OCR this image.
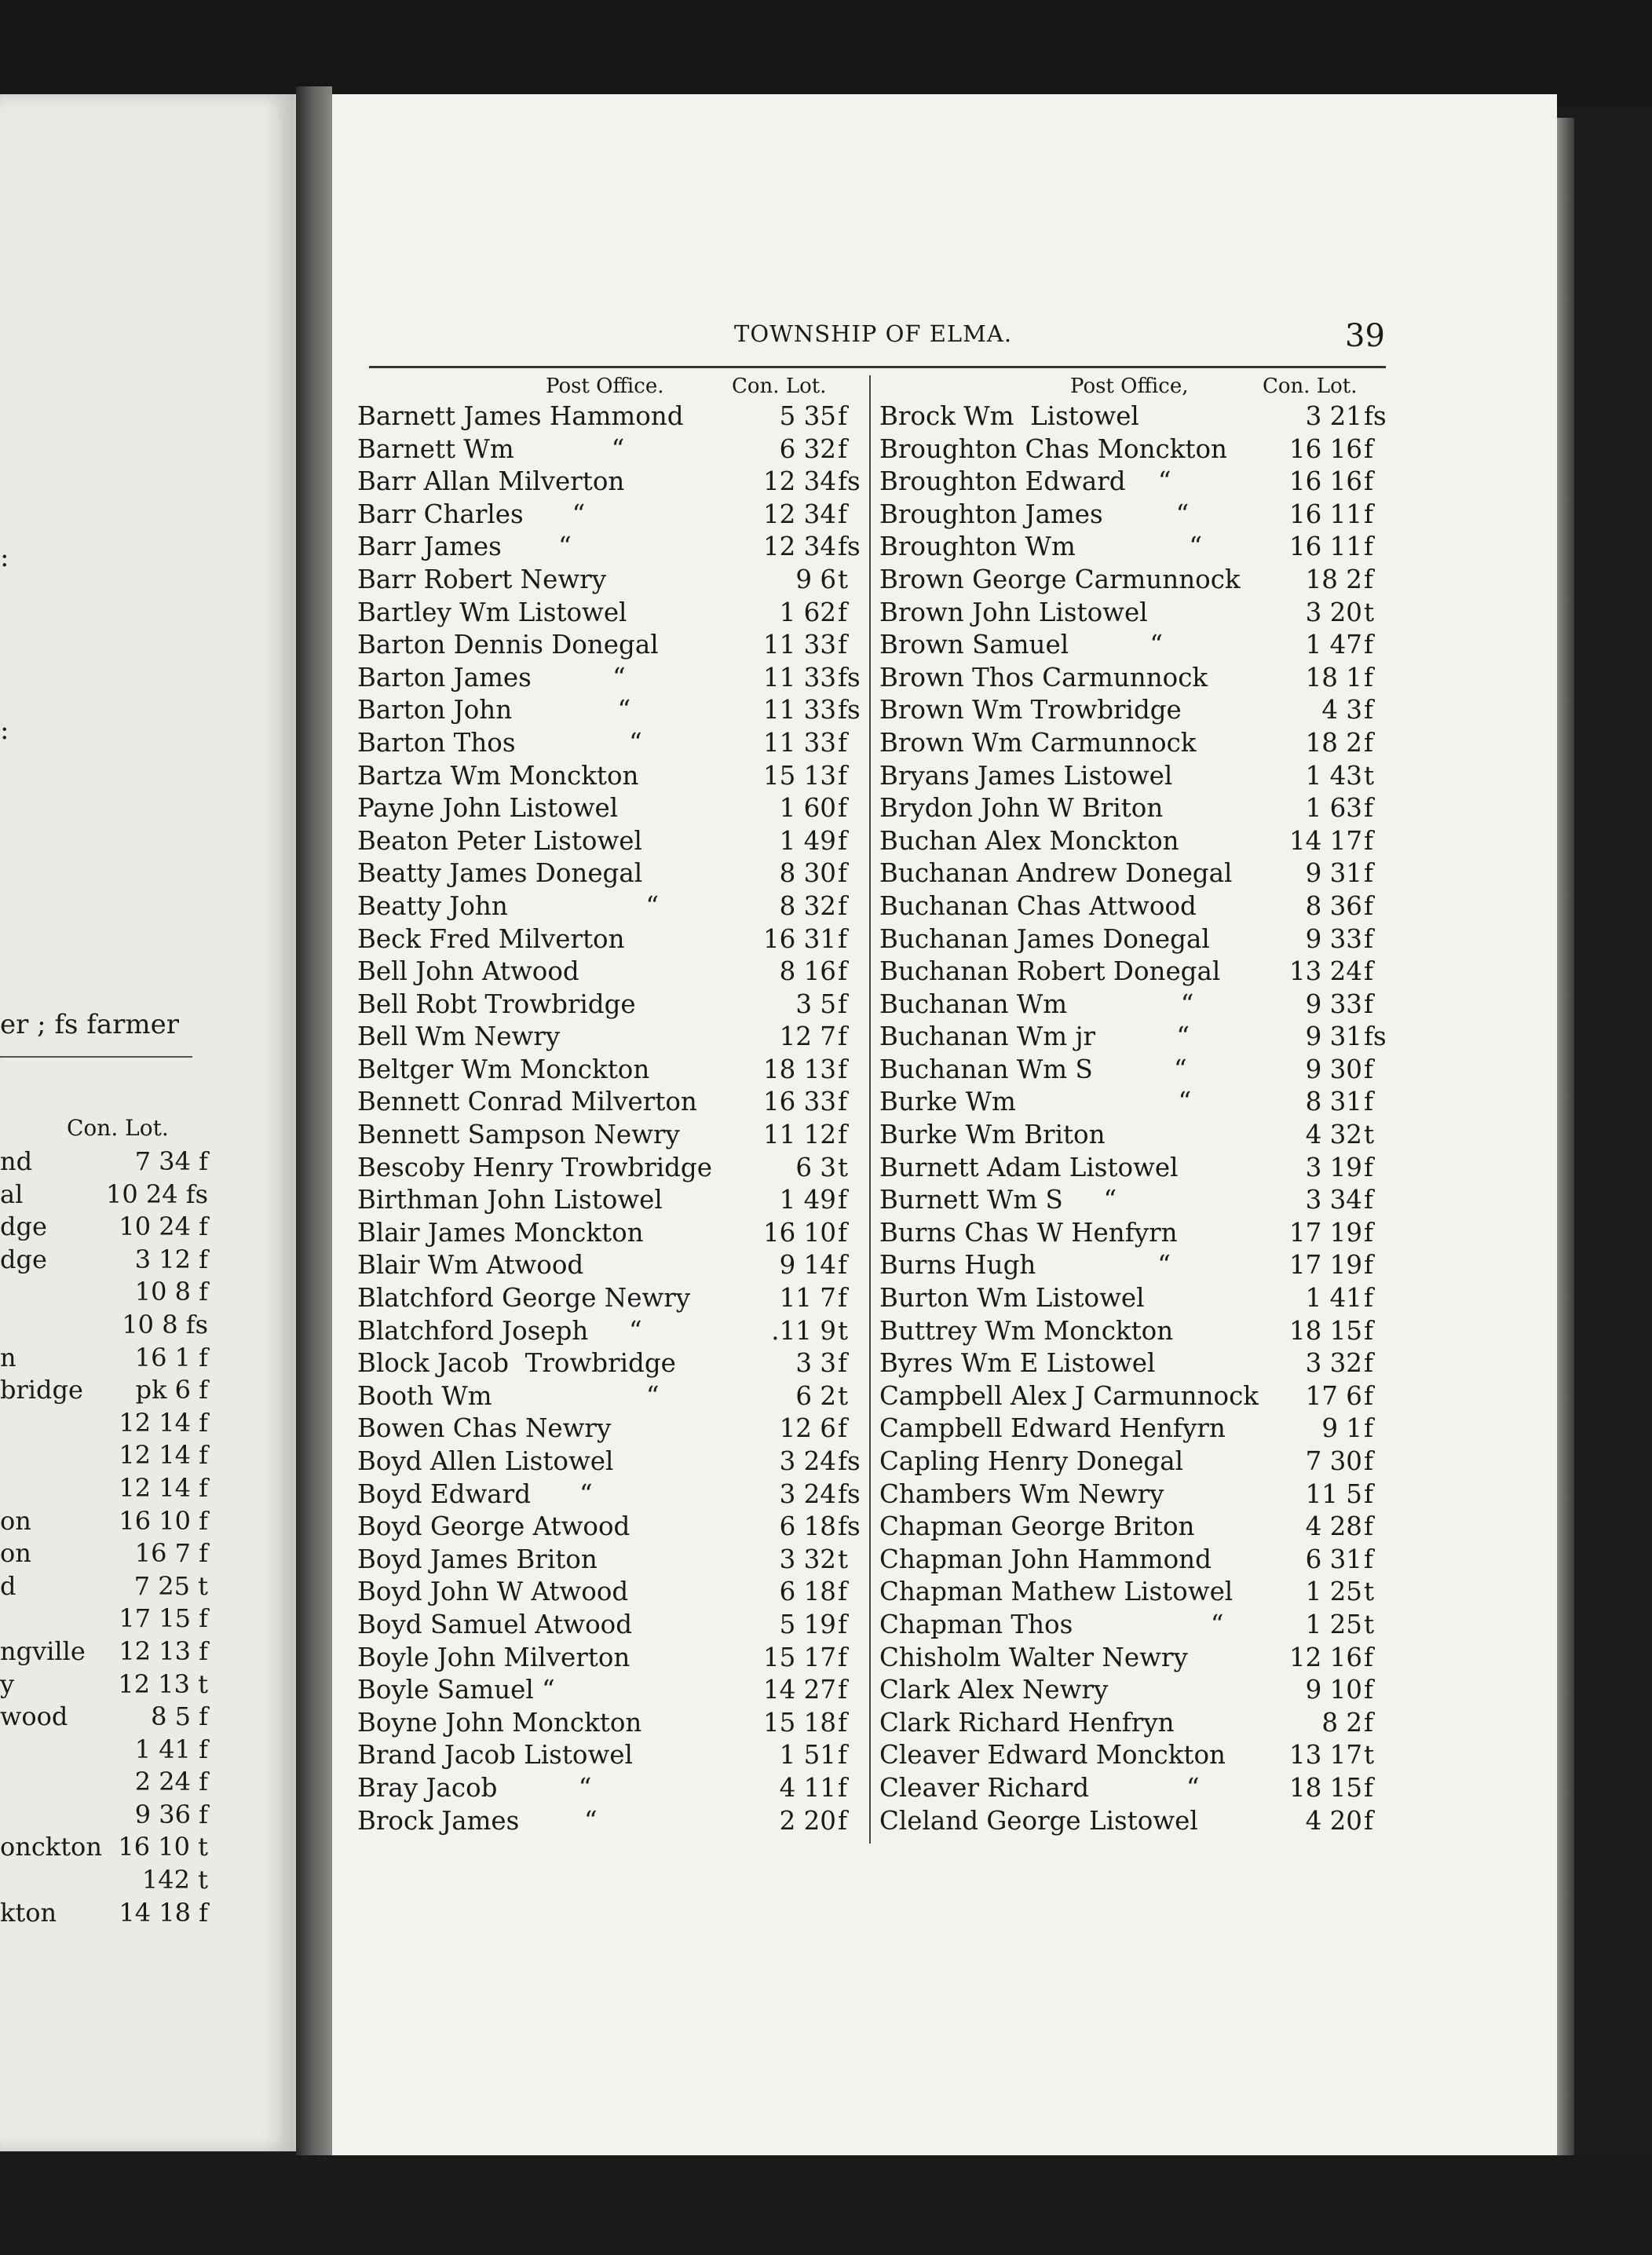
:
:
er ; fs farmer
Con. Lot.
nd	7 34 f
al	10 24 fs
dge	10 24 f
dge	3 12 f
10 8 f
10 8 fs
n	16 1 f
bridge pk 6 f
12 14 f
12 14 f
12 14 f
on	16 10 f
on	16 7 f
d	7 25 t
17 15 f
ngville 12 13 f
y	12 13 t
wood	8 5 f
1 41 f
2 24 f
9 36 f
onckton 16 10 t
142 t
kton 14 18 f
TOWNSHIP OF ELMA.	39
Post Office.	Con. Lot.	Post Office,	Con. Lot.
Barnett James Hammond	5 35 f
Barnett Wm            “	6 32 f
Barr Allan Milverton	12 34 fs
Barr Charles      “	12 34 f
Barr James       “	12 34 fs
Barr Robert Newry	9 6 t
Bartley Wm Listowel	1 62 f
Barton Dennis Donegal	11 33 f
Barton James          “	11 33 fs
Barton John             “	11 33 fs
Barton Thos              “	11 33 f
Bartza Wm Monckton	15 13 f
Payne John Listowel	1 60 f
Beaton Peter Listowel	1 49 f
Beatty James Donegal	8 30 f
Beatty John                 “	8 32 f
Beck Fred Milverton	16 31 f
Bell John Atwood	8 16 f
Bell Robt Trowbridge	3 5 f
Bell Wm Newry	12 7 f
Beltger Wm Monckton	18 13 f
Bennett Conrad Milverton	16 33 f
Bennett Sampson Newry	11 12 f
Bescoby Henry Trowbridge	6 3 t
Birthman John Listowel	1 49 f
Blair James Monckton	16 10 f
Blair Wm Atwood	9 14 f
Blatchford George Newry	11 7 f
Blatchford Joseph     “	.11 9 t
Block Jacob  Trowbridge	3 3 f
Booth Wm                   “	6 2 t
Bowen Chas Newry	12 6 f
Boyd Allen Listowel	3 24 fs
Boyd Edward      “	3 24 fs
Boyd George Atwood	6 18 fs
Boyd James Briton	3 32 t
Boyd John W Atwood	6 18 f
Boyd Samuel Atwood	5 19 f
Boyle John Milverton	15 17 f
Boyle Samuel “	14 27 f
Boyne John Monckton	15 18 f
Brand Jacob Listowel	1 51 f
Bray Jacob          “	4 11 f
Brock James        “	2 20 f
Brock Wm  Listowel	3 21 fs
Broughton Chas Monckton 16 16 f
Broughton Edward    “	16 16 f
Broughton James         “	16 11 f
Broughton Wm              “	16 11 f
Brown George Carmunnock	18 2 f
Brown John Listowel	3 20 t
Brown Samuel          “	1 47 f
Brown Thos Carmunnock	18 1 f
Brown Wm Trowbridge	4 3 f
Brown Wm Carmunnock	18 2 f
Bryans James Listowel	1 43 t
Brydon John W Briton	1 63 f
Buchan Alex Monckton	14 17 f
Buchanan Andrew Donegal	9 31 f
Buchanan Chas Attwood	8 36 f
Buchanan James Donegal	9 33 f
Buchanan Robert Donegal	13 24 f
Buchanan Wm              “	9 33 f
Buchanan Wm jr          “	9 31 fs
Buchanan Wm S          “	9 30 f
Burke Wm                    “	8 31 f
Burke Wm Briton	4 32 t
Burnett Adam Listowel	3 19 f
Burnett Wm S     “	3 34 f
Burns Chas W Henfyrn	17 19 f
Burns Hugh               “	17 19 f
Burton Wm Listowel	1 41 f
Buttrey Wm Monckton	18 15 f
Byres Wm E Listowel	3 32 f
Campbell Alex J Carmunnock 17 6 f
Campbell Edward Henfyrn	9 1 f
Capling Henry Donegal	7 30 f
Chambers Wm Newry	11 5 f
Chapman George Briton	4 28 f
Chapman John Hammond	6 31 f
Chapman Mathew Listowel	1 25 t
Chapman Thos                 “	1 25 t
Chisholm Walter Newry	12 16 f
Clark Alex Newry	9 10 f
Clark Richard Henfryn	8 2 f
Cleaver Edward Monckton 13 17 t
Cleaver Richard            “	18 15 f
Cleland George Listowel	4 20 f
